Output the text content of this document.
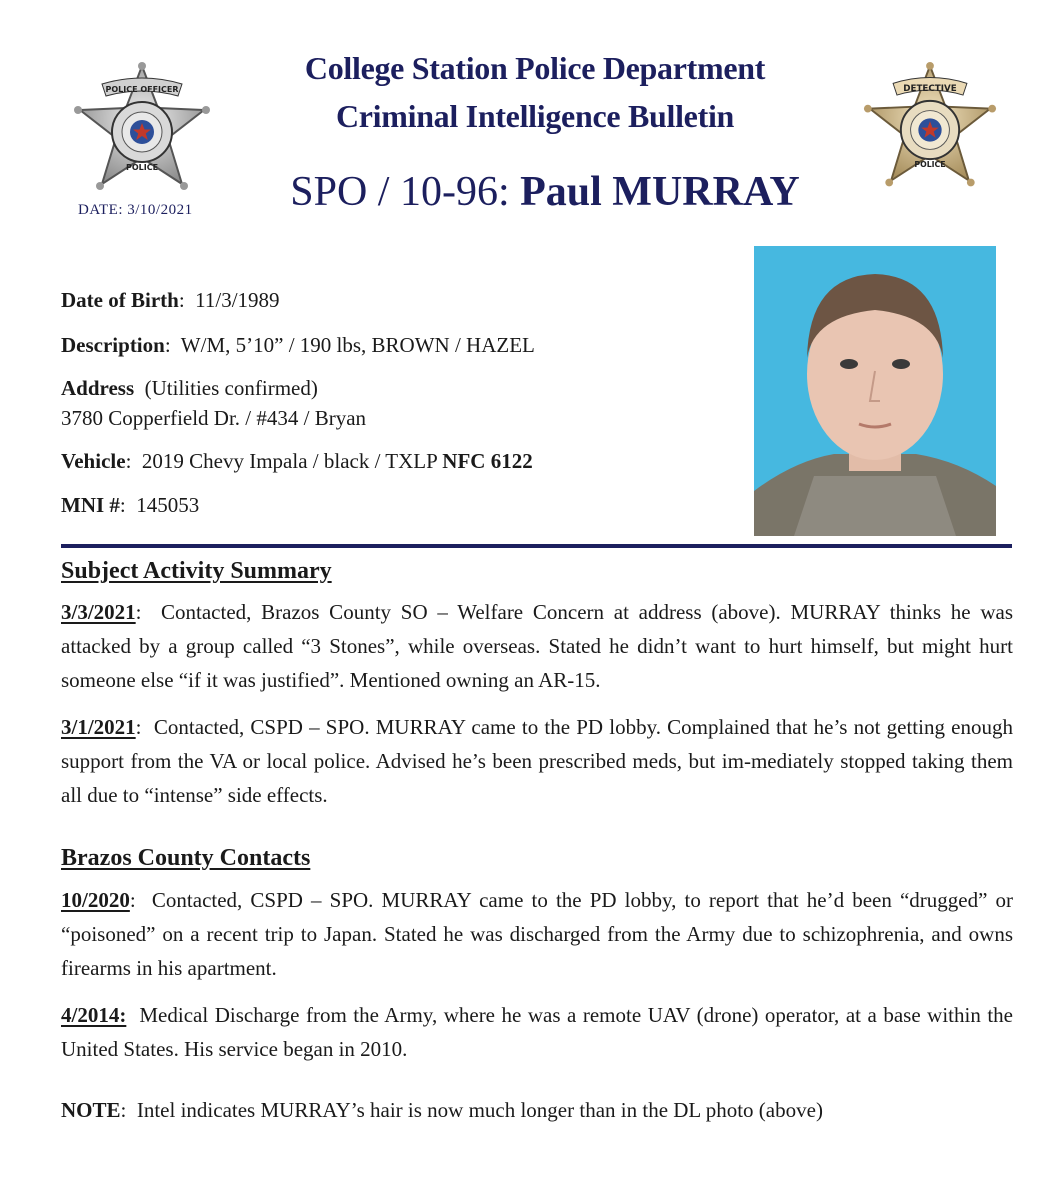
POLICE OFFICER
POLICE
DETECTIVE
POLICE
College Station Police Department
Criminal Intelligence Bulletin
SPO / 10-96: Paul MURRAY
DATE: 3/10/2021
Date of Birth:  11/3/1989
Description:  W/M, 5’10” / 190 lbs, BROWN / HAZEL
Address (Utilities confirmed)
3780 Copperfield Dr. / #434 / Bryan
Vehicle:  2019 Chevy Impala / black / TXLP NFC 6122
MNI #:  145053
Subject Activity Summary
3/3/2021:  Contacted, Brazos County SO – Welfare Concern at address (above). MURRAY thinks he was attacked by a group called “3 Stones”, while overseas. Stated he didn’t want to hurt himself, but might hurt someone else “if it was justified”. Mentioned owning an AR-15.
3/1/2021:  Contacted, CSPD – SPO. MURRAY came to the PD lobby. Complained that he’s not getting enough support from the VA or local police. Advised he’s been prescribed meds, but im-mediately stopped taking them all due to “intense” side effects.
Brazos County Contacts
10/2020:  Contacted, CSPD – SPO. MURRAY came to the PD lobby, to report that he’d been “drugged” or “poisoned” on a recent trip to Japan. Stated he was discharged from the Army due to schizophrenia, and owns firearms in his apartment.
4/2014: Medical Discharge from the Army, where he was a remote UAV (drone) operator, at a base within the United States. His service began in 2010.
NOTE:  Intel indicates MURRAY’s hair is now much longer than in the DL photo (above)
